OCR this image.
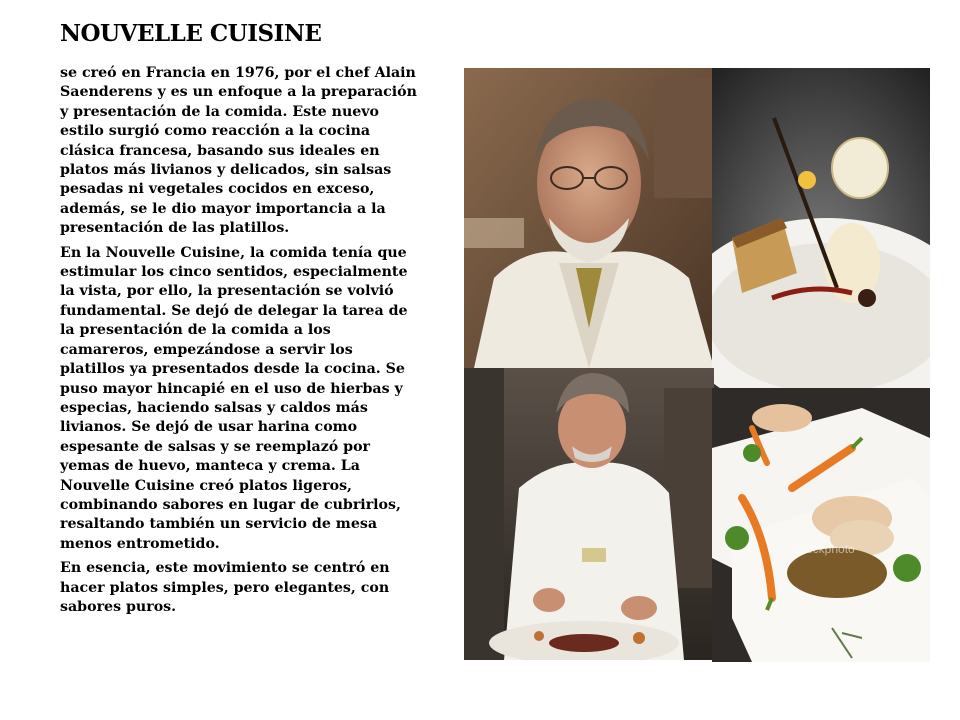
NOUVELLE CUISINE

se creó en Francia en 1976, por el chef Alain Saenderens y es un enfoque a la preparación y presentación de la comida. Este nuevo estilo surgió como reacción a la cocina clásica francesa, basando sus ideales en platos más livianos y delicados, sin salsas pesadas ni vegetales cocidos en exceso, además, se le dio mayor importancia a la presentación de las platillos.

En la Nouvelle Cuisine, la comida tenía que estimular los cinco sentidos, especialmente la vista, por ello, la presentación se volvió fundamental. Se dejó de delegar la tarea de la presentación de la comida a los camareros, empezándose a servir los platillos ya presentados desde la cocina. Se puso mayor hincapié en el uso de hierbas y especias, haciendo salsas y caldos más livianos. Se dejó de usar harina como espesante de salsas y se reemplazó por yemas de huevo, manteca y crema. La Nouvelle Cuisine creó platos ligeros, combinando sabores en lugar de cubrirlos, resaltando también un servicio de mesa menos entrometido.

En esencia, este movimiento se centró en hacer platos simples, pero elegantes, con sabores puros.

iStockphoto
